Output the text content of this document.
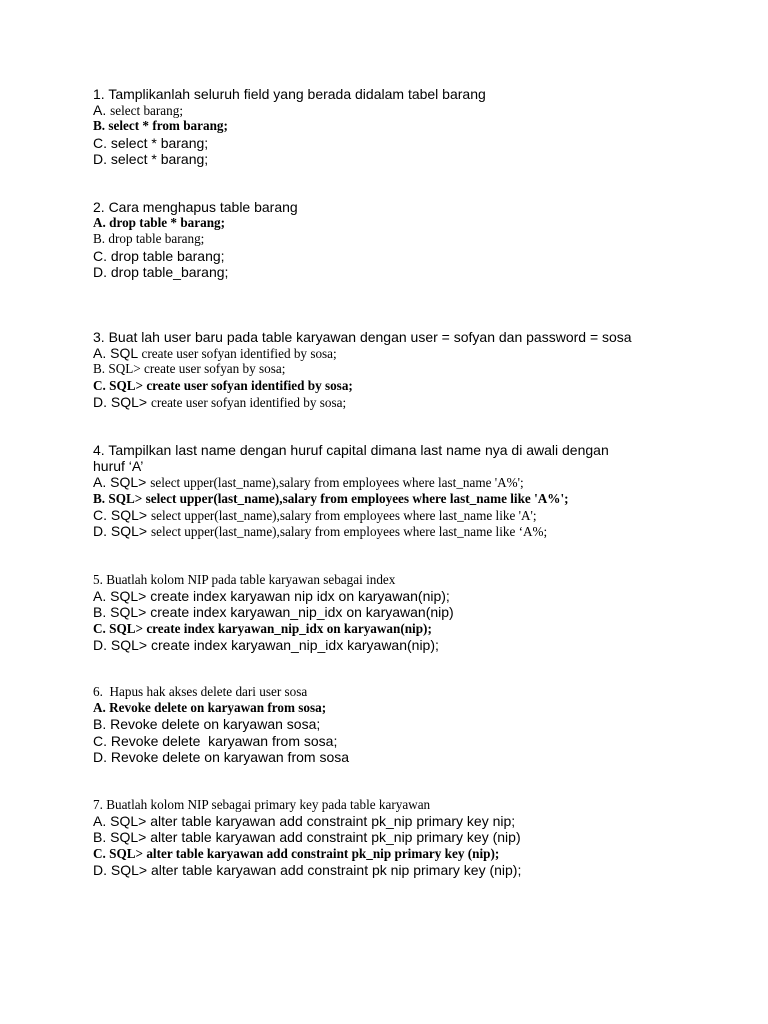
1. Tamplikanlah seluruh field yang berada didalam tabel barang
A. select barang;
B. select * from barang;
C. select * barang;
D. select * barang;
2. Cara menghapus table barang
A. drop table * barang;
B. drop table barang;
C. drop table barang;
D. drop table_barang;
3. Buat lah user baru pada table karyawan dengan user = sofyan dan password = sosa
A. SQL create user sofyan identified by sosa;
B. SQL> create user sofyan by sosa;
C. SQL> create user sofyan identified by sosa;
D. SQL> create user sofyan identified by sosa;
4. Tampilkan last name dengan huruf capital dimana last name nya di awali dengan
huruf ‘A’
A. SQL> select upper(last_name),salary from employees where last_name 'A%';
B. SQL> select upper(last_name),salary from employees where last_name like 'A%';
C. SQL> select upper(last_name),salary from employees where last_name like 'A';
D. SQL> select upper(last_name),salary from employees where last_name like ‘A%;
5. Buatlah kolom NIP pada table karyawan sebagai index
A. SQL> create index karyawan nip idx on karyawan(nip);
B. SQL> create index karyawan_nip_idx on karyawan(nip)
C. SQL> create index karyawan_nip_idx on karyawan(nip);
D. SQL> create index karyawan_nip_idx karyawan(nip);
6.  Hapus hak akses delete dari user sosa
A. Revoke delete on karyawan from sosa;
B. Revoke delete on karyawan sosa;
C. Revoke delete  karyawan from sosa;
D. Revoke delete on karyawan from sosa
7. Buatlah kolom NIP sebagai primary key pada table karyawan
A. SQL> alter table karyawan add constraint pk_nip primary key nip;
B. SQL> alter table karyawan add constraint pk_nip primary key (nip)
C. SQL> alter table karyawan add constraint pk_nip primary key (nip);
D. SQL> alter table karyawan add constraint pk nip primary key (nip);
